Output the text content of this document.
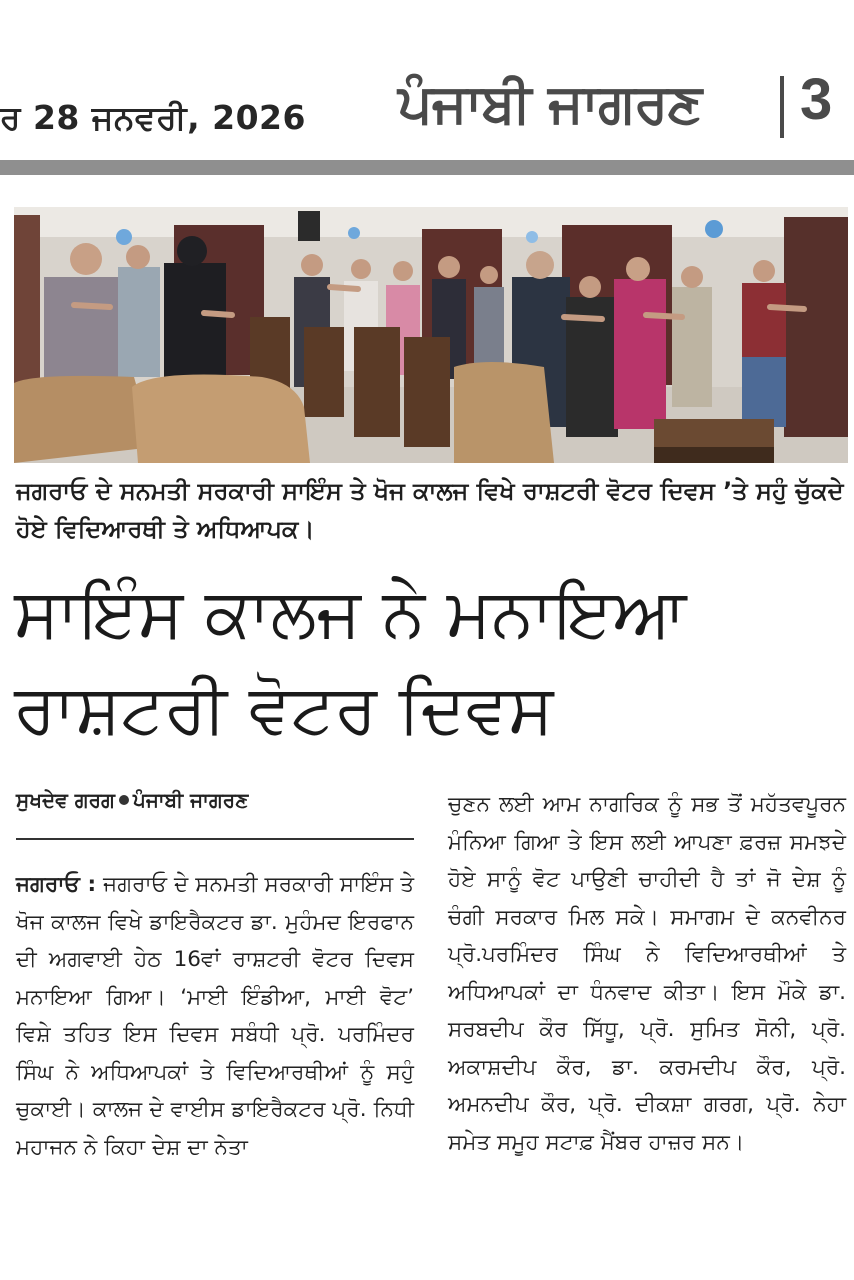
ਰ 28 ਜਨਵਰੀ, 2026 ਪੰਜਾਬੀ ਜਾਗਰਣ 3
ਜਗਰਾਓ ਦੇ ਸਨਮਤੀ ਸਰਕਾਰੀ ਸਾਇੰਸ ਤੇ ਖੋਜ ਕਾਲਜ ਵਿਖੇ ਰਾਸ਼ਟਰੀ ਵੋਟਰ ਦਿਵਸ ’ਤੇ ਸਹੁੰ ਚੁੱਕਦੇ ਹੋਏ ਵਿਦਿਆਰਥੀ ਤੇ ਅਧਿਆਪਕ।
ਸਾਇੰਸ ਕਾਲਜ ਨੇ ਮਨਾਇਆ ਰਾਸ਼ਟਰੀ ਵੋਟਰ ਦਿਵਸ
ਸੁਖਦੇਵ ਗਰਗ ਪੰਜਾਬੀ ਜਾਗਰਣ
ਜਗਰਾਓ : ਜਗਰਾਓ ਦੇ ਸਨਮਤੀ ਸਰਕਾਰੀ ਸਾਇੰਸ ਤੇ ਖੋਜ ਕਾਲਜ ਵਿਖੇ ਡਾਇਰੈਕਟਰ ਡਾ. ਮੁਹੰਮਦ ਇਰਫਾਨ ਦੀ ਅਗਵਾਈ ਹੇਠ 16ਵਾਂ ਰਾਸ਼ਟਰੀ ਵੋਟਰ ਦਿਵਸ ਮਨਾਇਆ ਗਿਆ। ‘ਮਾਈ ਇੰਡੀਆ, ਮਾਈ ਵੋਟ’ ਵਿਸ਼ੇ ਤਹਿਤ ਇਸ ਦਿਵਸ ਸਬੰਧੀ ਪ੍ਰੋ. ਪਰਮਿੰਦਰ ਸਿੰਘ ਨੇ ਅਧਿਆਪਕਾਂ ਤੇ ਵਿਦਿਆਰਥੀਆਂ ਨੂੰ ਸਹੁੰ ਚੁਕਾਈ। ਕਾਲਜ ਦੇ ਵਾਈਸ ਡਾਇਰੈਕਟਰ ਪ੍ਰੋ. ਨਿਧੀ ਮਹਾਜਨ ਨੇ ਕਿਹਾ ਦੇਸ਼ ਦਾ ਨੇਤਾ
ਚੁਣਨ ਲਈ ਆਮ ਨਾਗਰਿਕ ਨੂੰ ਸਭ ਤੋਂ ਮਹੱਤਵਪੂਰਨ ਮੰਨਿਆ ਗਿਆ ਤੇ ਇਸ ਲਈ ਆਪਣਾ ਫ਼ਰਜ਼ ਸਮਝਦੇ ਹੋਏ ਸਾਨੂੰ ਵੋਟ ਪਾਉਣੀ ਚਾਹੀਦੀ ਹੈ ਤਾਂ ਜੋ ਦੇਸ਼ ਨੂੰ ਚੰਗੀ ਸਰਕਾਰ ਮਿਲ ਸਕੇ। ਸਮਾਗਮ ਦੇ ਕਨਵੀਨਰ ਪ੍ਰੋ.ਪਰਮਿੰਦਰ ਸਿੰਘ ਨੇ ਵਿਦਿਆਰਥੀਆਂ ਤੇ ਅਧਿਆਪਕਾਂ ਦਾ ਧੰਨਵਾਦ ਕੀਤਾ। ਇਸ ਮੌਕੇ ਡਾ. ਸਰਬਦੀਪ ਕੌਰ ਸਿੱਧੂ, ਪ੍ਰੋ. ਸੁਮਿਤ ਸੋਨੀ, ਪ੍ਰੋ. ਅਕਾਸ਼ਦੀਪ ਕੌਰ, ਡਾ. ਕਰਮਦੀਪ ਕੌਰ, ਪ੍ਰੋ. ਅਮਨਦੀਪ ਕੌਰ, ਪ੍ਰੋ. ਦੀਕਸ਼ਾ ਗਰਗ, ਪ੍ਰੋ. ਨੇਹਾ ਸਮੇਤ ਸਮੂਹ ਸਟਾਫ਼ ਮੈਂਬਰ ਹਾਜ਼ਰ ਸਨ।
